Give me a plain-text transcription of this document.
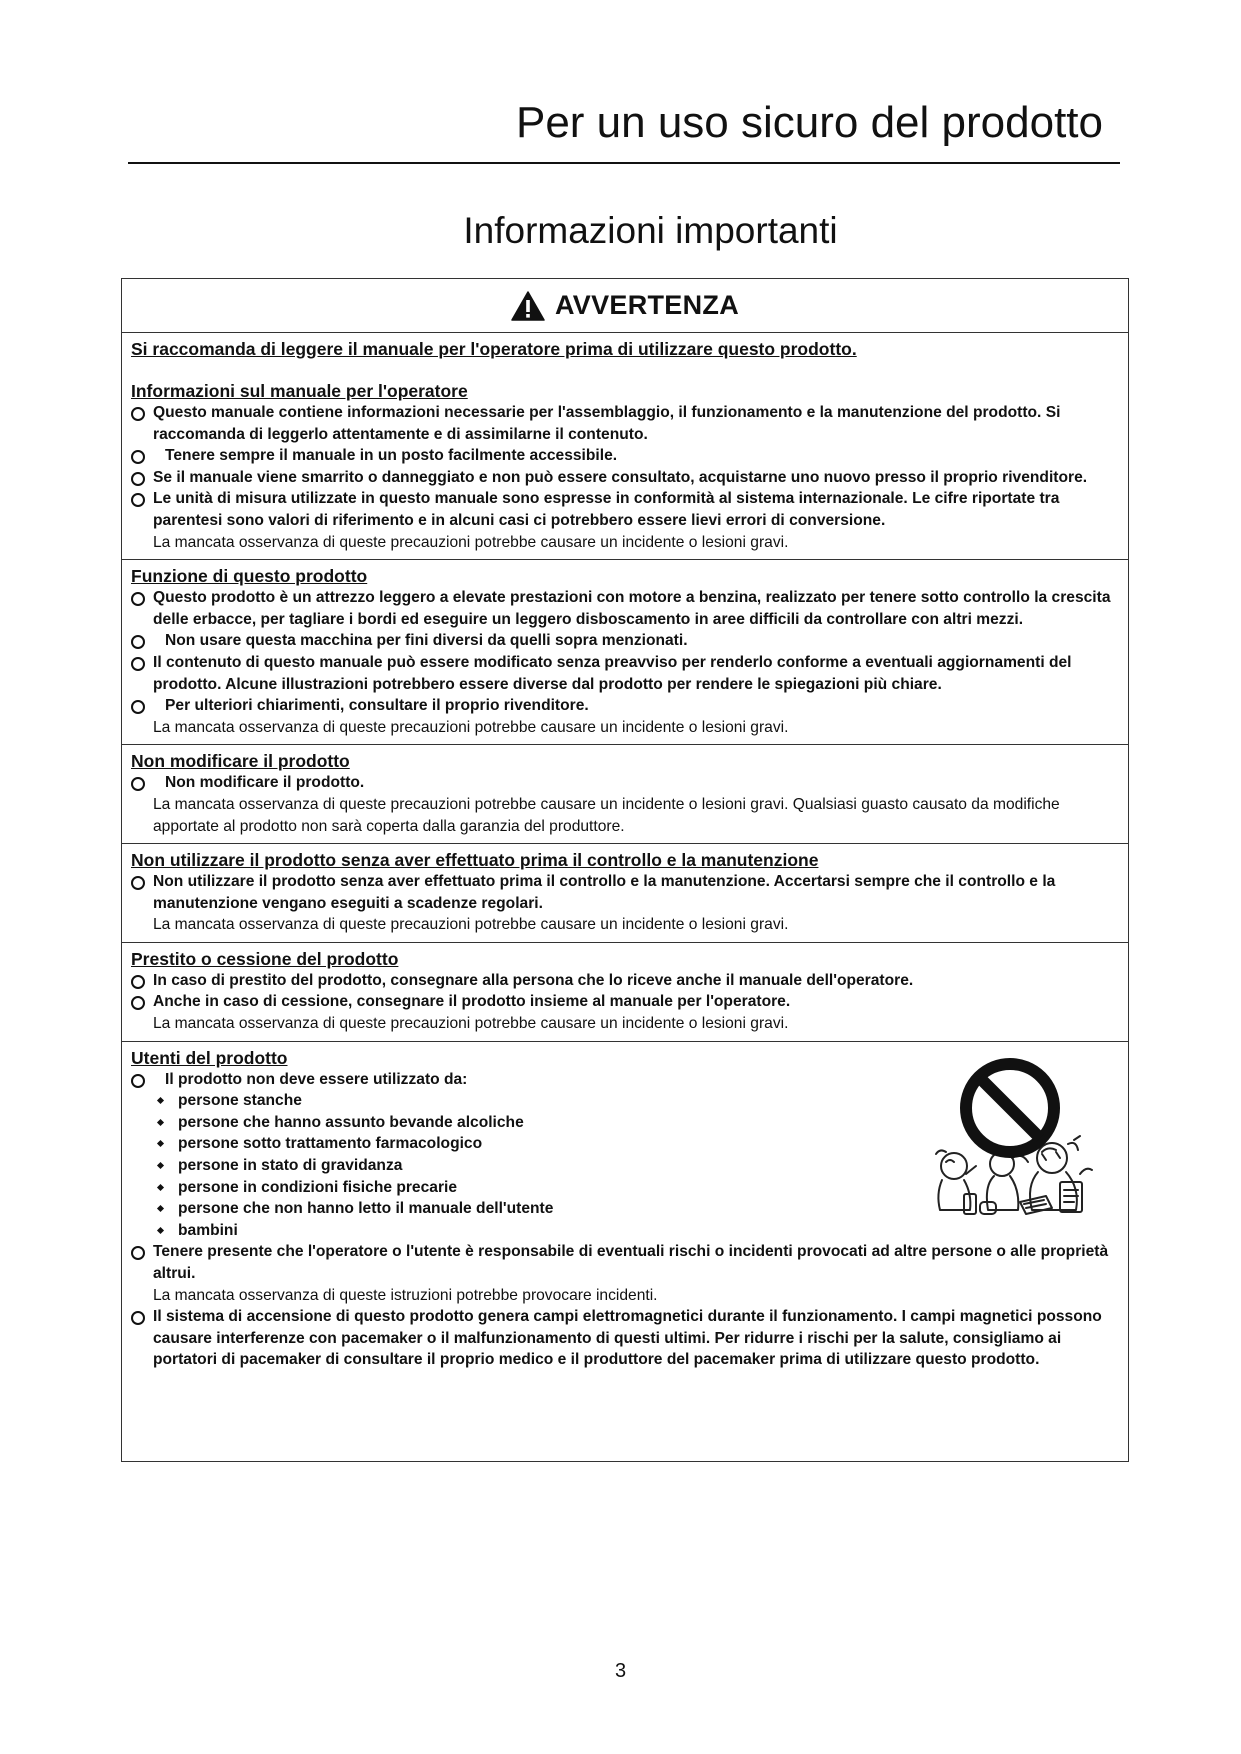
Per un uso sicuro del prodotto
Informazioni importanti
AVVERTENZA

Si raccomanda di leggere il manuale per l'operatore prima di utilizzare questo prodotto.

Informazioni sul manuale per l'operatore

Questo manuale contiene informazioni necessarie per l'assemblaggio, il funzionamento e la manutenzione del prodotto. Si raccomanda di leggerlo attentamente e di assimilarne il contenuto.
Tenere sempre il manuale in un posto facilmente accessibile.
Se il manuale viene smarrito o danneggiato e non può essere consultato, acquistarne uno nuovo presso il proprio rivenditore.
Le unità di misura utilizzate in questo manuale sono espresse in conformità al sistema internazionale. Le cifre riportate tra parentesi sono valori di riferimento e in alcuni casi ci potrebbero essere lievi errori di conversione.
La mancata osservanza di queste precauzioni potrebbe causare un incidente o lesioni gravi.

Funzione di questo prodotto

Questo prodotto è un attrezzo leggero a elevate prestazioni con motore a benzina, realizzato per tenere sotto controllo la crescita delle erbacce, per tagliare i bordi ed eseguire un leggero disboscamento in aree difficili da controllare con altri mezzi.
Non usare questa macchina per fini diversi da quelli sopra menzionati.
Il contenuto di questo manuale può essere modificato senza preavviso per renderlo conforme a eventuali aggiornamenti del prodotto. Alcune illustrazioni potrebbero essere diverse dal prodotto per rendere le spiegazioni più chiare.
Per ulteriori chiarimenti, consultare il proprio rivenditore.
La mancata osservanza di queste precauzioni potrebbe causare un incidente o lesioni gravi.

Non modificare il prodotto

Non modificare il prodotto.
La mancata osservanza di queste precauzioni potrebbe causare un incidente o lesioni gravi. Qualsiasi guasto causato da modifiche apportate al prodotto non sarà coperta dalla garanzia del produttore.

Non utilizzare il prodotto senza aver effettuato prima il controllo e la manutenzione

Non utilizzare il prodotto senza aver effettuato prima il controllo e la manutenzione. Accertarsi sempre che il controllo e la manutenzione vengano eseguiti a scadenze regolari.
La mancata osservanza di queste precauzioni potrebbe causare un incidente o lesioni gravi.

Prestito o cessione del prodotto

In caso di prestito del prodotto, consegnare alla persona che lo riceve anche il manuale dell'operatore.
Anche in caso di cessione, consegnare il prodotto insieme al manuale per l'operatore.
La mancata osservanza di queste precauzioni potrebbe causare un incidente o lesioni gravi.

Utenti del prodotto

Il prodotto non deve essere utilizzato da:
persone stanche
persone che hanno assunto bevande alcoliche
persone sotto trattamento farmacologico
persone in stato di gravidanza
persone in condizioni fisiche precarie
persone che non hanno letto il manuale dell'utente
bambini
Tenere presente che l'operatore o l'utente è responsabile di eventuali rischi o incidenti provocati ad altre persone o alle proprietà altrui.
La mancata osservanza di queste istruzioni potrebbe provocare incidenti.
Il sistema di accensione di questo prodotto genera campi elettromagnetici durante il funzionamento. I campi magnetici possono causare interferenze con pacemaker o il malfunzionamento di questi ultimi. Per ridurre i rischi per la salute, consigliamo ai portatori di pacemaker di consultare il proprio medico e il produttore del pacemaker prima di utilizzare questo prodotto.
3
